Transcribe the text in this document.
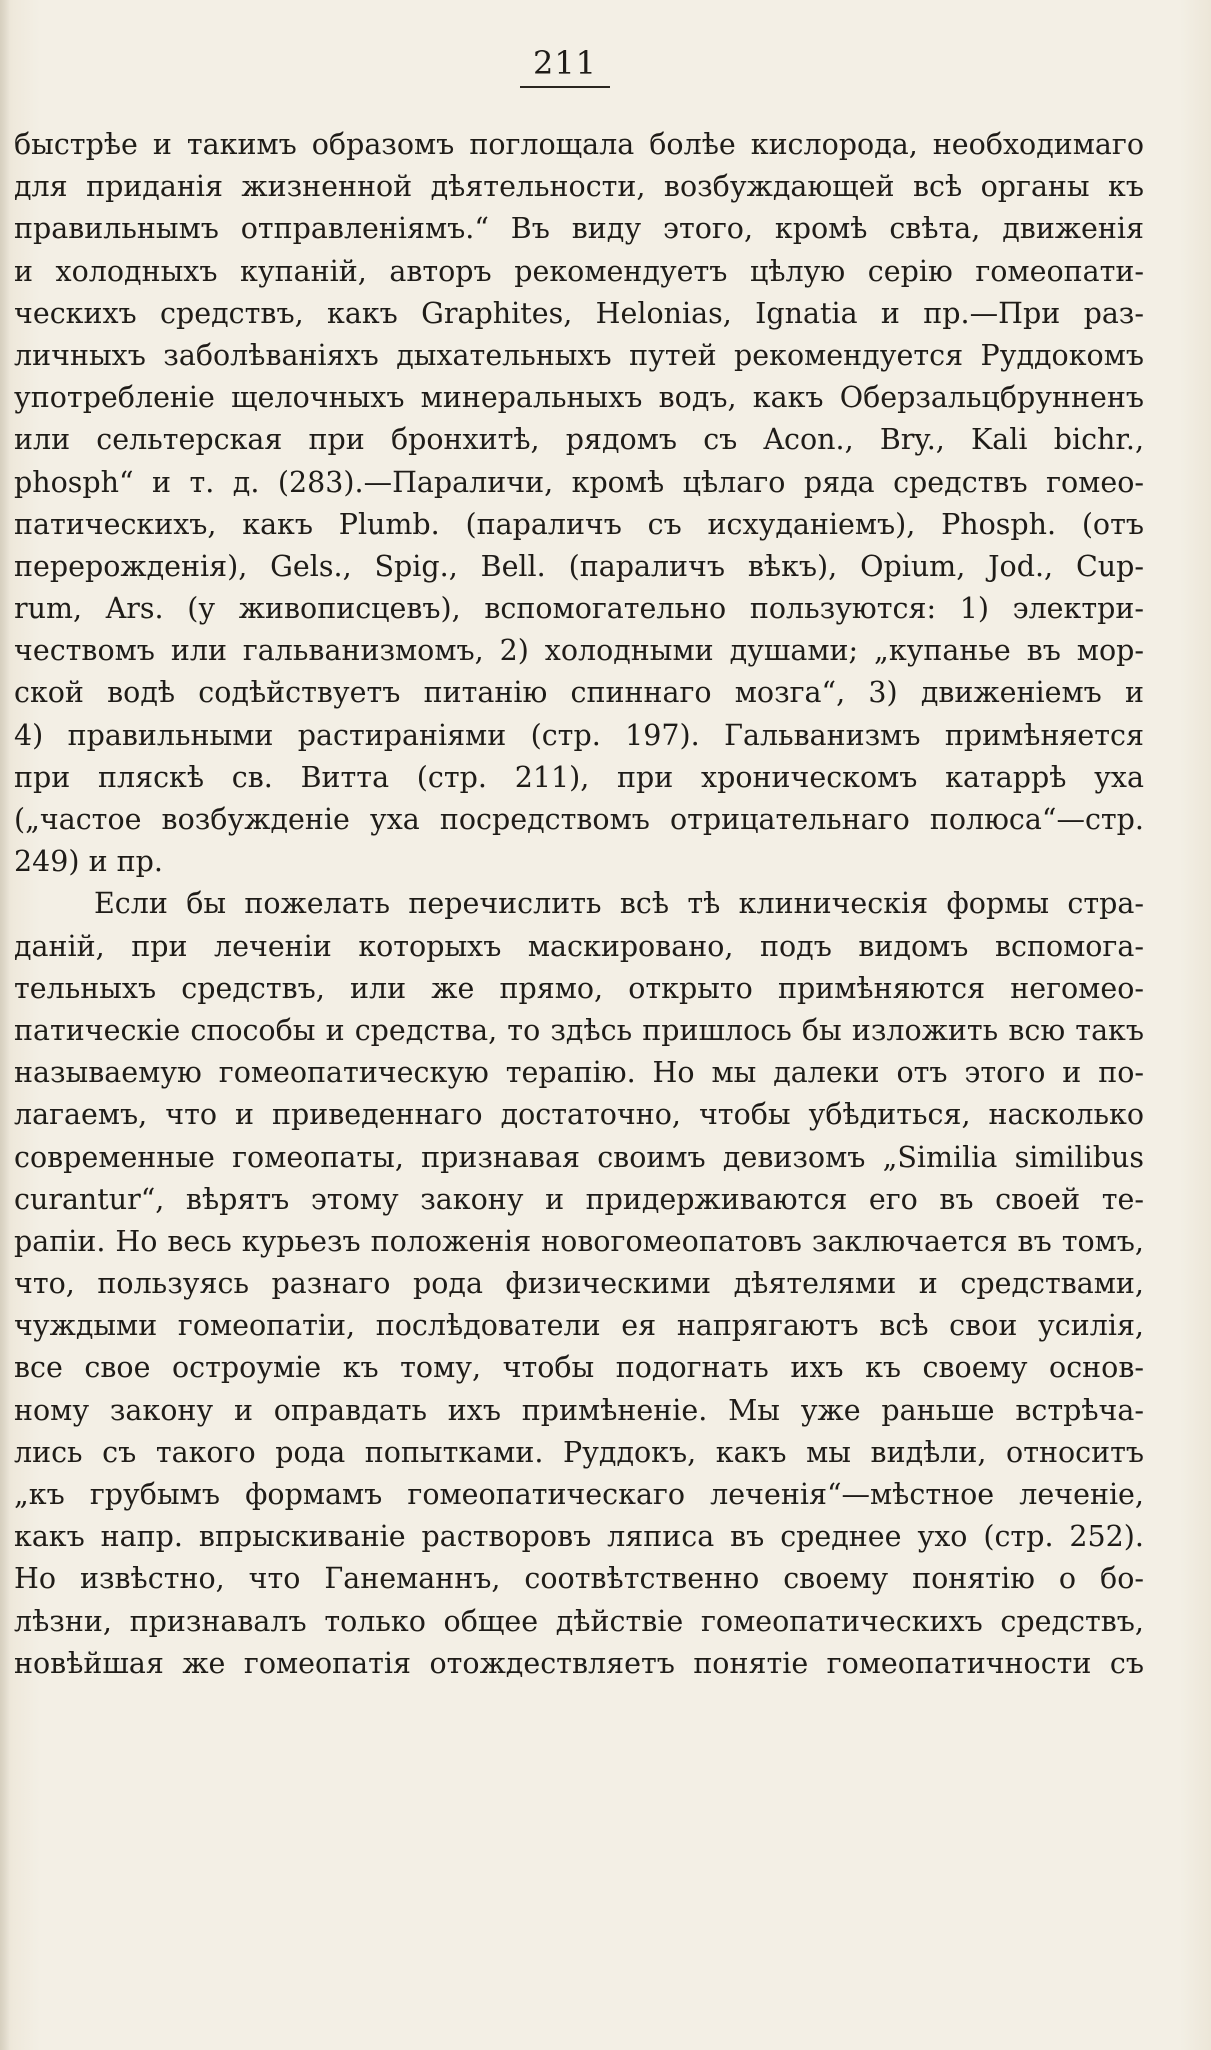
211
быстрѣе и такимъ образомъ поглощала болѣе кислорода, необходимаго
для приданія жизненной дѣятельности, возбуждающей всѣ органы къ
правильнымъ отправленіямъ.“ Въ виду этого, кромѣ свѣта, движенія
и холодныхъ купаній, авторъ рекомендуетъ цѣлую серію гомеопати-
ческихъ средствъ, какъ Graphites, Helonias, Ignatia и пр.—При раз-
личныхъ заболѣваніяхъ дыхательныхъ путей рекомендуется Руддокомъ
употребленіе щелочныхъ минеральныхъ водъ, какъ Оберзальцбрунненъ
или сельтерская при бронхитѣ, рядомъ съ Acon., Bry., Kali bichr.,
phosph“ и т. д. (283).—Параличи, кромѣ цѣлаго ряда средствъ гомео-
патическихъ, какъ Plumb. (параличъ съ исхуданіемъ), Phosph. (отъ
перерожденія), Gels., Spig., Bell. (параличъ вѣкъ), Opium, Jod., Cup-
rum, Ars. (у живописцевъ), вспомогательно пользуются: 1) электри-
чествомъ или гальванизмомъ, 2) холодными душами; „купанье въ мор-
ской водѣ содѣйствуетъ питанію спиннаго мозга“, 3) движеніемъ и
4) правильными растираніями (стр. 197). Гальванизмъ примѣняется
при пляскѣ св. Витта (стр. 211), при хроническомъ катаррѣ уха
(„частое возбужденіе уха посредствомъ отрицательнаго полюса“—стр.
249) и пр.
Если бы пожелать перечислить всѣ тѣ клиническія формы стра-
даній, при леченіи которыхъ маскировано, подъ видомъ вспомога-
тельныхъ средствъ, или же прямо, открыто примѣняются негомео-
патическіе способы и средства, то здѣсь пришлось бы изложить всю такъ
называемую гомеопатическую терапію. Но мы далеки отъ этого и по-
лагаемъ, что и приведеннаго достаточно, чтобы убѣдиться, насколько
современные гомеопаты, признавая своимъ девизомъ „Similia similibus
curantur“, вѣрятъ этому закону и придерживаются его въ своей те-
рапіи. Но весь курьезъ положенія новогомеопатовъ заключается въ томъ,
что, пользуясь разнаго рода физическими дѣятелями и средствами,
чуждыми гомеопатіи, послѣдователи ея напрягаютъ всѣ свои усилія,
все свое остроуміе къ тому, чтобы подогнать ихъ къ своему основ-
ному закону и оправдать ихъ примѣненіе. Мы уже раньше встрѣча-
лись съ такого рода попытками. Руддокъ, какъ мы видѣли, относитъ
„къ грубымъ формамъ гомеопатическаго леченія“—мѣстное леченіе,
какъ напр. впрыскиваніе растворовъ ляписа въ среднее ухо (стр. 252).
Но извѣстно, что Ганеманнъ, соотвѣтственно своему понятію о бо-
лѣзни, признавалъ только общее дѣйствіе гомеопатическихъ средствъ,
новѣйшая же гомеопатія отождествляетъ понятіе гомеопатичности съ
